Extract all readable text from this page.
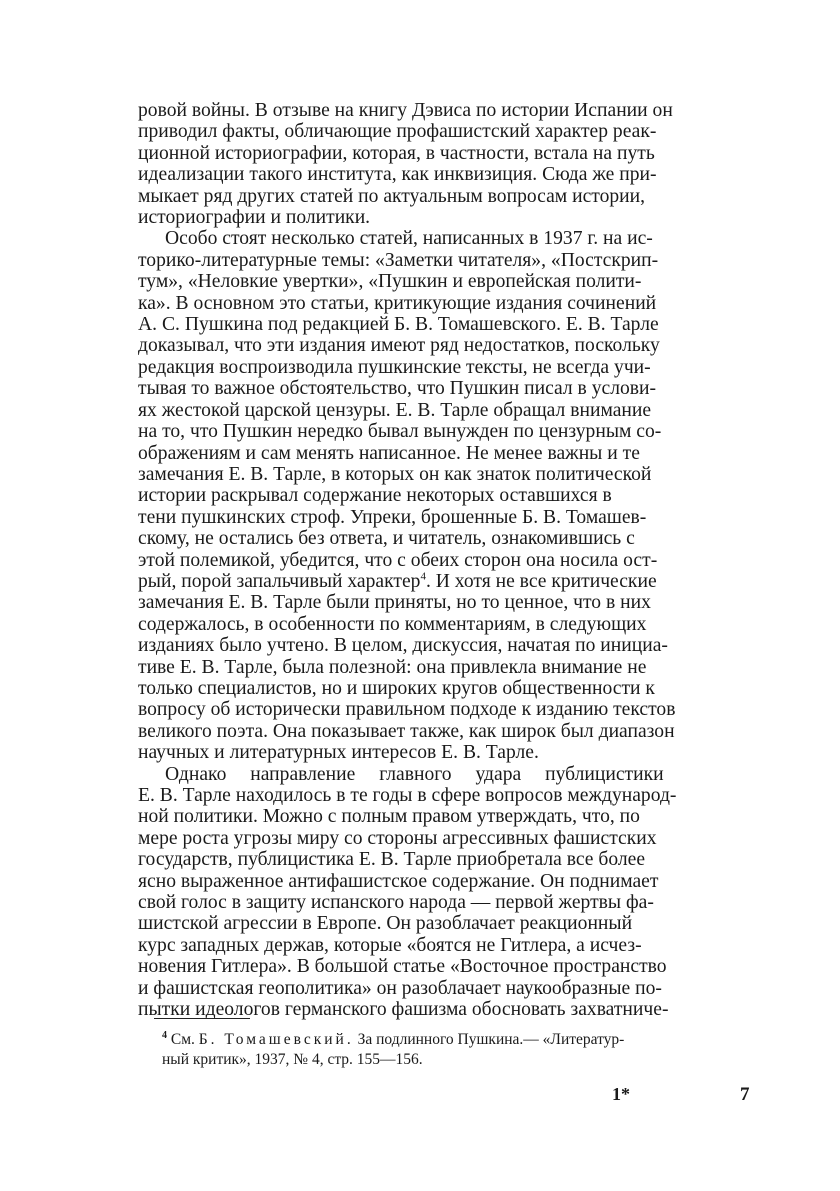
ровой войны. В отзыве на книгу Дэвиса по истории Испании он
приводил факты, обличающие профашистский характер реак-
ционной историографии, которая, в частности, встала на путь
идеализации такого института, как инквизиция. Сюда же при-
мыкает ряд других статей по актуальным вопросам истории,
историографии и политики.

Особо стоят несколько статей, написанных в 1937 г. на ис-
торико-литературные темы: «Заметки читателя», «Постскрип-
тум», «Неловкие увертки», «Пушкин и европейская полити-
ка». В основном это статьи, критикующие издания сочинений
А. С. Пушкина под редакцией Б. В. Томашевского. Е. В. Тарле
доказывал, что эти издания имеют ряд недостатков, поскольку
редакция воспроизводила пушкинские тексты, не всегда учи-
тывая то важное обстоятельство, что Пушкин писал в услови-
ях жестокой царской цензуры. Е. В. Тарле обращал внимание
на то, что Пушкин нередко бывал вынужден по цензурным со-
ображениям и сам менять написанное. Не менее важны и те
замечания Е. В. Тарле, в которых он как знаток политической
истории раскрывал содержание некоторых оставшихся в
тени пушкинских строф. Упреки, брошенные Б. В. Томашев-
скому, не остались без ответа, и читатель, ознакомившись с
этой полемикой, убедится, что с обеих сторон она носила ост-
рый, порой запальчивый характер$^4$. И хотя не все критические
замечания Е. В. Тарле были приняты, но то ценное, что в них
содержалось, в особенности по комментариям, в следующих
изданиях было учтено. В целом, дискуссия, начатая по инициа-
тиве Е. В. Тарле, была полезной: она привлекла внимание не
только специалистов, но и широких кругов общественности к
вопросу об исторически правильном подходе к изданию текстов
великого поэта. Она показывает также, как широк был диапазон
научных и литературных интересов Е. В. Тарле.

Однако направление главного удара публицистики
Е. В. Тарле находилось в те годы в сфере вопросов международ-
ной политики. Можно с полным правом утверждать, что, по
мере роста угрозы миру со стороны агрессивных фашистских
государств, публицистика Е. В. Тарле приобретала все более
ясно выраженное антифашистское содержание. Он поднимает
свой голос в защиту испанского народа — первой жертвы фа-
шистской агрессии в Европе. Он разоблачает реакционный
курс западных держав, которые «боятся не Гитлера, а исчез-
новения Гитлера». В большой статье «Восточное пространство
и фашистская геополитика» он разоблачает наукообразные по-
пытки идеологов германского фашизма обосновать захватниче-

$^4$ См. Б. Томашевский. За подлинного Пушкина.— «Литератур-
ный критик», 1937, № 4, стр. 155—156.
1*	7
